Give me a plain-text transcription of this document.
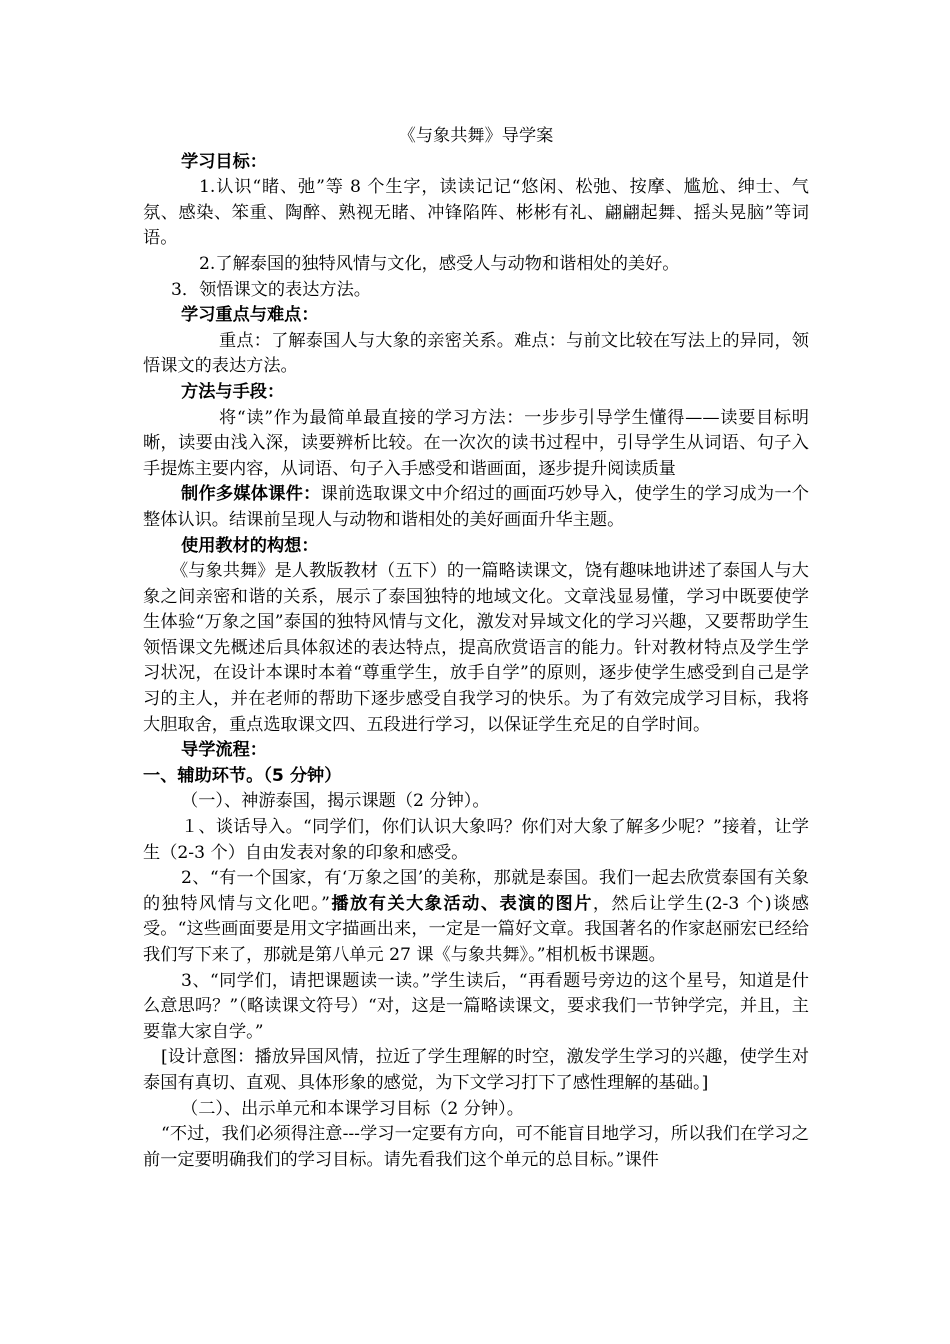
《与象共舞》导学案

学习目标：

1.认识“睹、弛”等 8 个生字，读读记记“悠闲、松弛、按摩、尴尬、绅士、气氛、感染、笨重、陶醉、熟视无睹、冲锋陷阵、彬彬有礼、翩翩起舞、摇头晃脑”等词语。

2.了解泰国的独特风情与文化，感受人与动物和谐相处的美好。

3．领悟课文的表达方法。

学习重点与难点：

重点：了解泰国人与大象的亲密关系。难点：与前文比较在写法上的异同，领悟课文的表达方法。

方法与手段：

将“读”作为最简单最直接的学习方法：一步步引导学生懂得——读要目标明晰，读要由浅入深，读要辨析比较。在一次次的读书过程中，引导学生从词语、句子入手提炼主要内容，从词语、句子入手感受和谐画面，逐步提升阅读质量

制作多媒体课件：课前选取课文中介绍过的画面巧妙导入，使学生的学习成为一个整体认识。结课前呈现人与动物和谐相处的美好画面升华主题。

使用教材的构想：

《与象共舞》是人教版教材（五下）的一篇略读课文，饶有趣味地讲述了泰国人与大象之间亲密和谐的关系，展示了泰国独特的地域文化。文章浅显易懂，学习中既要使学生体验“万象之国”泰国的独特风情与文化，激发对异域文化的学习兴趣，又要帮助学生领悟课文先概述后具体叙述的表达特点，提高欣赏语言的能力。针对教材特点及学生学习状况，在设计本课时本着“尊重学生，放手自学”的原则，逐步使学生感受到自己是学习的主人，并在老师的帮助下逐步感受自我学习的快乐。为了有效完成学习目标，我将大胆取舍，重点选取课文四、五段进行学习，以保证学生充足的自学时间。

导学流程：

一、辅助环节。（5 分钟）

（一）、神游泰国，揭示课题（2 分钟）。

１、谈话导入。“同学们，你们认识大象吗？你们对大象了解多少呢？”接着，让学生（2-3 个）自由发表对象的印象和感受。

2、“有一个国家，有‘万象之国’的美称，那就是泰国。我们一起去欣赏泰国有关象的独特风情与文化吧。”播放有关大象活动、表演的图片，然后让学生(2-3 个)谈感受。“这些画面要是用文字描画出来，一定是一篇好文章。我国著名的作家赵丽宏已经给我们写下来了，那就是第八单元 27 课《与象共舞》。”相机板书课题。

3、“同学们，请把课题读一读。”学生读后，“再看题号旁边的这个星号，知道是什么意思吗？”（略读课文符号）“对，这是一篇略读课文，要求我们一节钟学完，并且，主要靠大家自学。”

[设计意图：播放异国风情，拉近了学生理解的时空，激发学生学习的兴趣，使学生对泰国有真切、直观、具体形象的感觉，为下文学习打下了感性理解的基础。]

（二）、出示单元和本课学习目标（2 分钟）。

“不过，我们必须得注意---学习一定要有方向，可不能盲目地学习，所以我们在学习之前一定要明确我们的学习目标。请先看我们这个单元的总目标。”课件
